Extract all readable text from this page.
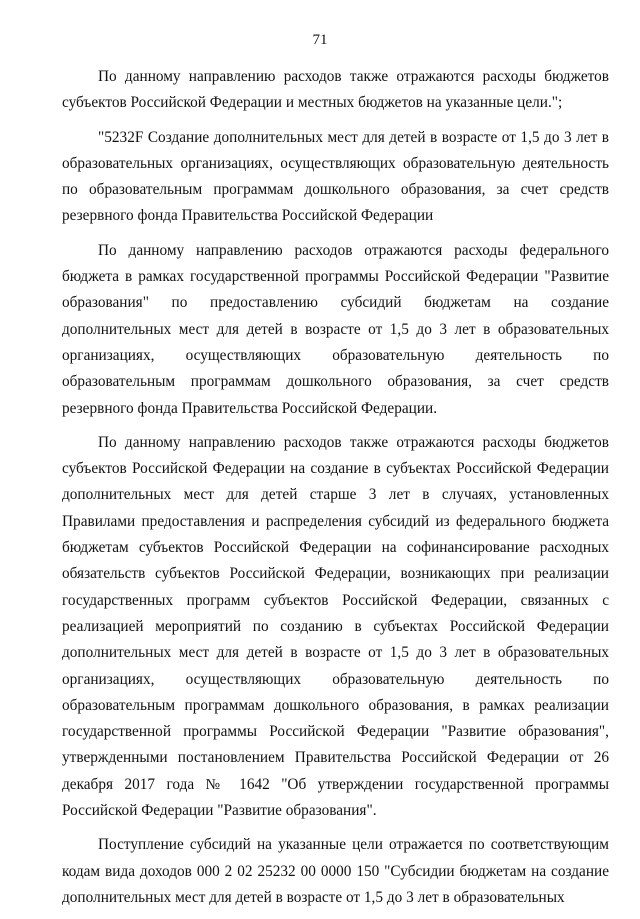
71

По данному направлению расходов также отражаются расходы бюджетов субъектов Российской Федерации и местных бюджетов на указанные цели.";

"5232F Создание дополнительных мест для детей в возрасте от 1,5 до 3 лет в образовательных организациях, осуществляющих образовательную деятельность по образовательным программам дошкольного образования, за счет средств резервного фонда Правительства Российской Федерации

По данному направлению расходов отражаются расходы федерального бюджета в рамках государственной программы Российской Федерации "Развитие образования" по предоставлению субсидий бюджетам на создание дополнительных мест для детей в возрасте от 1,5 до 3 лет в образовательных организациях, осуществляющих образовательную деятельность по образовательным программам дошкольного образования, за счет средств резервного фонда Правительства Российской Федерации.

По данному направлению расходов также отражаются расходы бюджетов субъектов Российской Федерации на создание в субъектах Российской Федерации дополнительных мест для детей старше 3 лет в случаях, установленных Правилами предоставления и распределения субсидий из федерального бюджета бюджетам субъектов Российской Федерации на софинансирование расходных обязательств субъектов Российской Федерации, возникающих при реализации государственных программ субъектов Российской Федерации, связанных с реализацией мероприятий по созданию в субъектах Российской Федерации дополнительных мест для детей в возрасте от 1,5 до 3 лет в образовательных организациях, осуществляющих образовательную деятельность по образовательным программам дошкольного образования, в рамках реализации государственной программы Российской Федерации "Развитие образования", утвержденными постановлением Правительства Российской Федерации от 26 декабря 2017 года № 1642 "Об утверждении государственной программы Российской Федерации "Развитие образования".

Поступление субсидий на указанные цели отражается по соответствующим кодам вида доходов 000 2 02 25232 00 0000 150 "Субсидии бюджетам на создание дополнительных мест для детей в возрасте от 1,5 до 3 лет в образовательных
